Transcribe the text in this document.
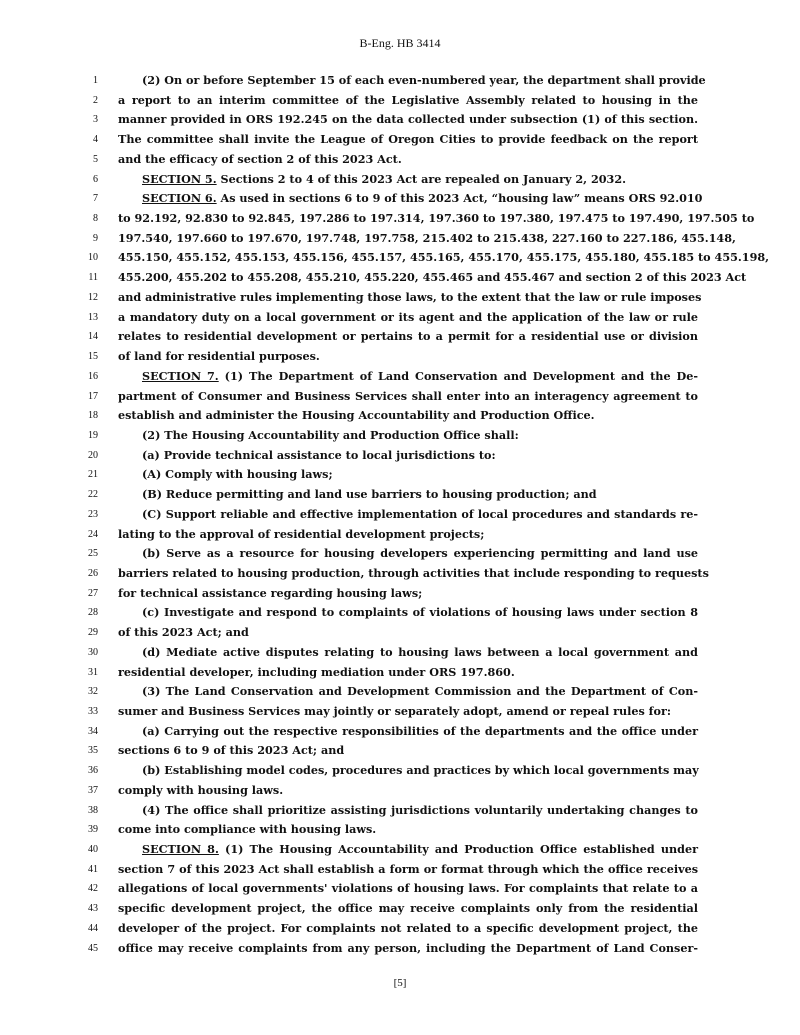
B-Eng. HB 3414
1	(2) On or before September 15 of each even-numbered year, the department shall provide
2 a report to an interim committee of the Legislative Assembly related to housing in the
3 manner provided in ORS 192.245 on the data collected under subsection (1) of this section.
4 The committee shall invite the League of Oregon Cities to provide feedback on the report
5 and the efficacy of section 2 of this 2023 Act.
6	SECTION 5. Sections 2 to 4 of this 2023 Act are repealed on January 2, 2032.
7	SECTION 6. As used in sections 6 to 9 of this 2023 Act, “housing law” means ORS 92.010
8 to 92.192, 92.830 to 92.845, 197.286 to 197.314, 197.360 to 197.380, 197.475 to 197.490, 197.505 to
9 197.540, 197.660 to 197.670, 197.748, 197.758, 215.402 to 215.438, 227.160 to 227.186, 455.148,
10 455.150, 455.152, 455.153, 455.156, 455.157, 455.165, 455.170, 455.175, 455.180, 455.185 to 455.198,
11 455.200, 455.202 to 455.208, 455.210, 455.220, 455.465 and 455.467 and section 2 of this 2023 Act
12 and administrative rules implementing those laws, to the extent that the law or rule imposes
13 a mandatory duty on a local government or its agent and the application of the law or rule
14 relates to residential development or pertains to a permit for a residential use or division
15 of land for residential purposes.
16	SECTION 7. (1) The Department of Land Conservation and Development and the De-
17 partment of Consumer and Business Services shall enter into an interagency agreement to
18 establish and administer the Housing Accountability and Production Office.
19	(2) The Housing Accountability and Production Office shall:
20	(a) Provide technical assistance to local jurisdictions to:
21	(A) Comply with housing laws;
22	(B) Reduce permitting and land use barriers to housing production; and
23	(C) Support reliable and effective implementation of local procedures and standards re-
24 lating to the approval of residential development projects;
25	(b) Serve as a resource for housing developers experiencing permitting and land use
26 barriers related to housing production, through activities that include responding to requests
27 for technical assistance regarding housing laws;
28	(c) Investigate and respond to complaints of violations of housing laws under section 8
29 of this 2023 Act; and
30	(d) Mediate active disputes relating to housing laws between a local government and
31 residential developer, including mediation under ORS 197.860.
32	(3) The Land Conservation and Development Commission and the Department of Con-
33 sumer and Business Services may jointly or separately adopt, amend or repeal rules for:
34	(a) Carrying out the respective responsibilities of the departments and the office under
35 sections 6 to 9 of this 2023 Act; and
36	(b) Establishing model codes, procedures and practices by which local governments may
37 comply with housing laws.
38	(4) The office shall prioritize assisting jurisdictions voluntarily undertaking changes to
39 come into compliance with housing laws.
40	SECTION 8. (1) The Housing Accountability and Production Office established under
41 section 7 of this 2023 Act shall establish a form or format through which the office receives
42 allegations of local governments' violations of housing laws. For complaints that relate to a
43 specific development project, the office may receive complaints only from the residential
44 developer of the project. For complaints not related to a specific development project, the
45 office may receive complaints from any person, including the Department of Land Conser-
[5]
